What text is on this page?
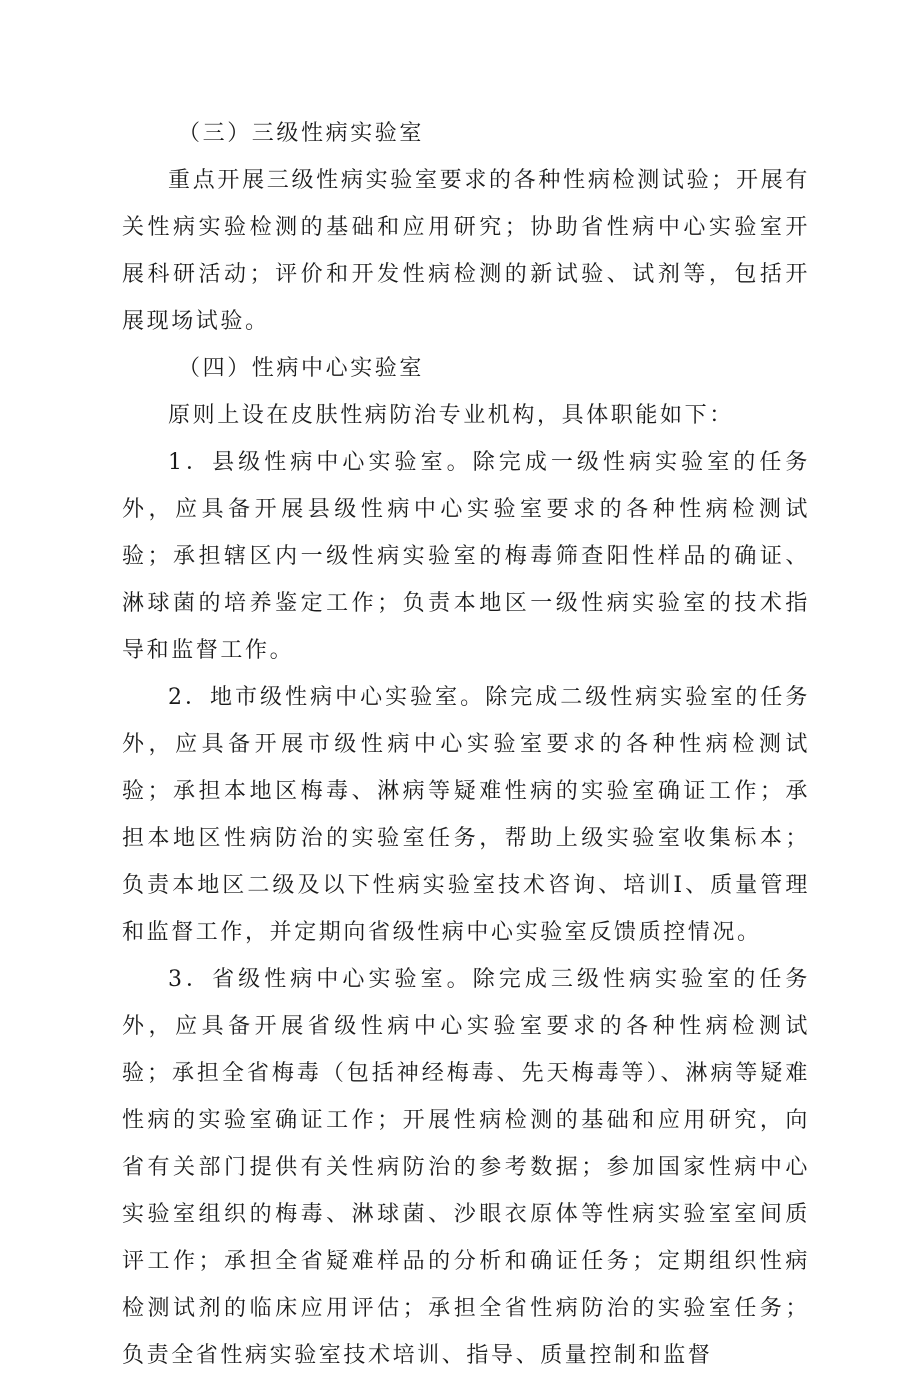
（三）三级性病实验室

重点开展三级性病实验室要求的各种性病检测试验；开展有关性病实验检测的基础和应用研究；协助省性病中心实验室开展科研活动；评价和开发性病检测的新试验、试剂等，包括开展现场试验。

（四）性病中心实验室

原则上设在皮肤性病防治专业机构，具体职能如下：

1．县级性病中心实验室。除完成一级性病实验室的任务外，应具备开展县级性病中心实验室要求的各种性病检测试验；承担辖区内一级性病实验室的梅毒筛查阳性样品的确证、淋球菌的培养鉴定工作；负责本地区一级性病实验室的技术指导和监督工作。

2．地市级性病中心实验室。除完成二级性病实验室的任务外，应具备开展市级性病中心实验室要求的各种性病检测试验；承担本地区梅毒、淋病等疑难性病的实验室确证工作；承担本地区性病防治的实验室任务，帮助上级实验室收集标本；负责本地区二级及以下性病实验室技术咨询、培训Ⅰ、质量管理和监督工作，并定期向省级性病中心实验室反馈质控情况。

3．省级性病中心实验室。除完成三级性病实验室的任务外，应具备开展省级性病中心实验室要求的各种性病检测试验；承担全省梅毒（包括神经梅毒、先天梅毒等）、淋病等疑难性病的实验室确证工作；开展性病检测的基础和应用研究，向省有关部门提供有关性病防治的参考数据；参加国家性病中心实验室组织的梅毒、淋球菌、沙眼衣原体等性病实验室室间质评工作；承担全省疑难样品的分析和确证任务；定期组织性病检测试剂的临床应用评估；承担全省性病防治的实验室任务；负责全省性病实验室技术培训、指导、质量控制和监督
